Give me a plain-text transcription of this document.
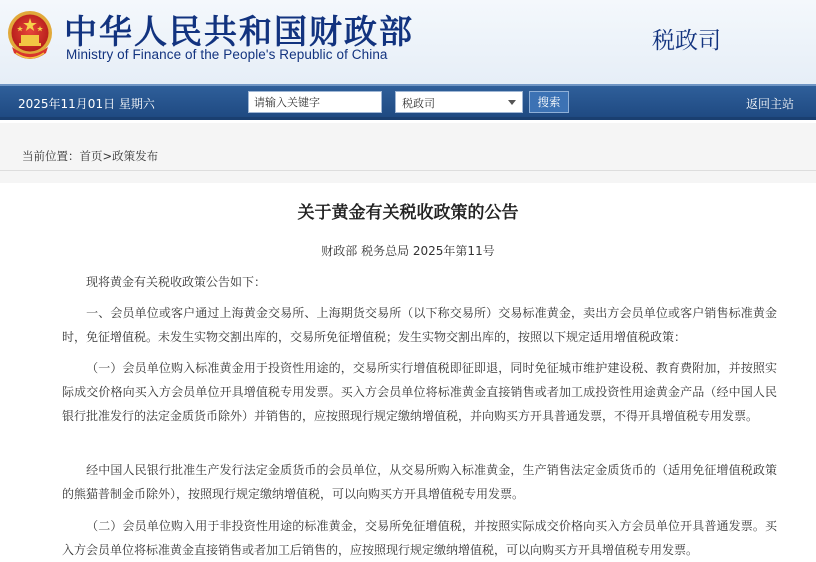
中华人民共和国财政部
Ministry of Finance of the People's Republic of China
税政司
2025年11月01日 星期六
请输入关键字	税政司	搜索	返回主站
当前位置：首页>政策发布
关于黄金有关税收政策的公告
财政部 税务总局 2025年第11号
现将黄金有关税收政策公告如下：
一、会员单位或客户通过上海黄金交易所、上海期货交易所（以下称交易所）交易标准黄金，卖出方会员单位或客户销售标准黄金时，免征增值税。未发生实物交割出库的，交易所免征增值税；发生实物交割出库的，按照以下规定适用增值税政策：
（一）会员单位购入标准黄金用于投资性用途的，交易所实行增值税即征即退，同时免征城市维护建设税、教育费附加，并按照实际成交价格向买入方会员单位开具增值税专用发票。买入方会员单位将标准黄金直接销售或者加工成投资性用途黄金产品（经中国人民银行批准发行的法定金质货币除外）并销售的，应按照现行规定缴纳增值税，并向购买方开具普通发票，不得开具增值税专用发票。
经中国人民银行批准生产发行法定金质货币的会员单位，从交易所购入标准黄金，生产销售法定金质货币的（适用免征增值税政策的熊猫普制金币除外），按照现行规定缴纳增值税，可以向购买方开具增值税专用发票。
（二）会员单位购入用于非投资性用途的标准黄金，交易所免征增值税，并按照实际成交价格向买入方会员单位开具普通发票。买入方会员单位将标准黄金直接销售或者加工后销售的，应按照现行规定缴纳增值税，可以向购买方开具增值税专用发票。
